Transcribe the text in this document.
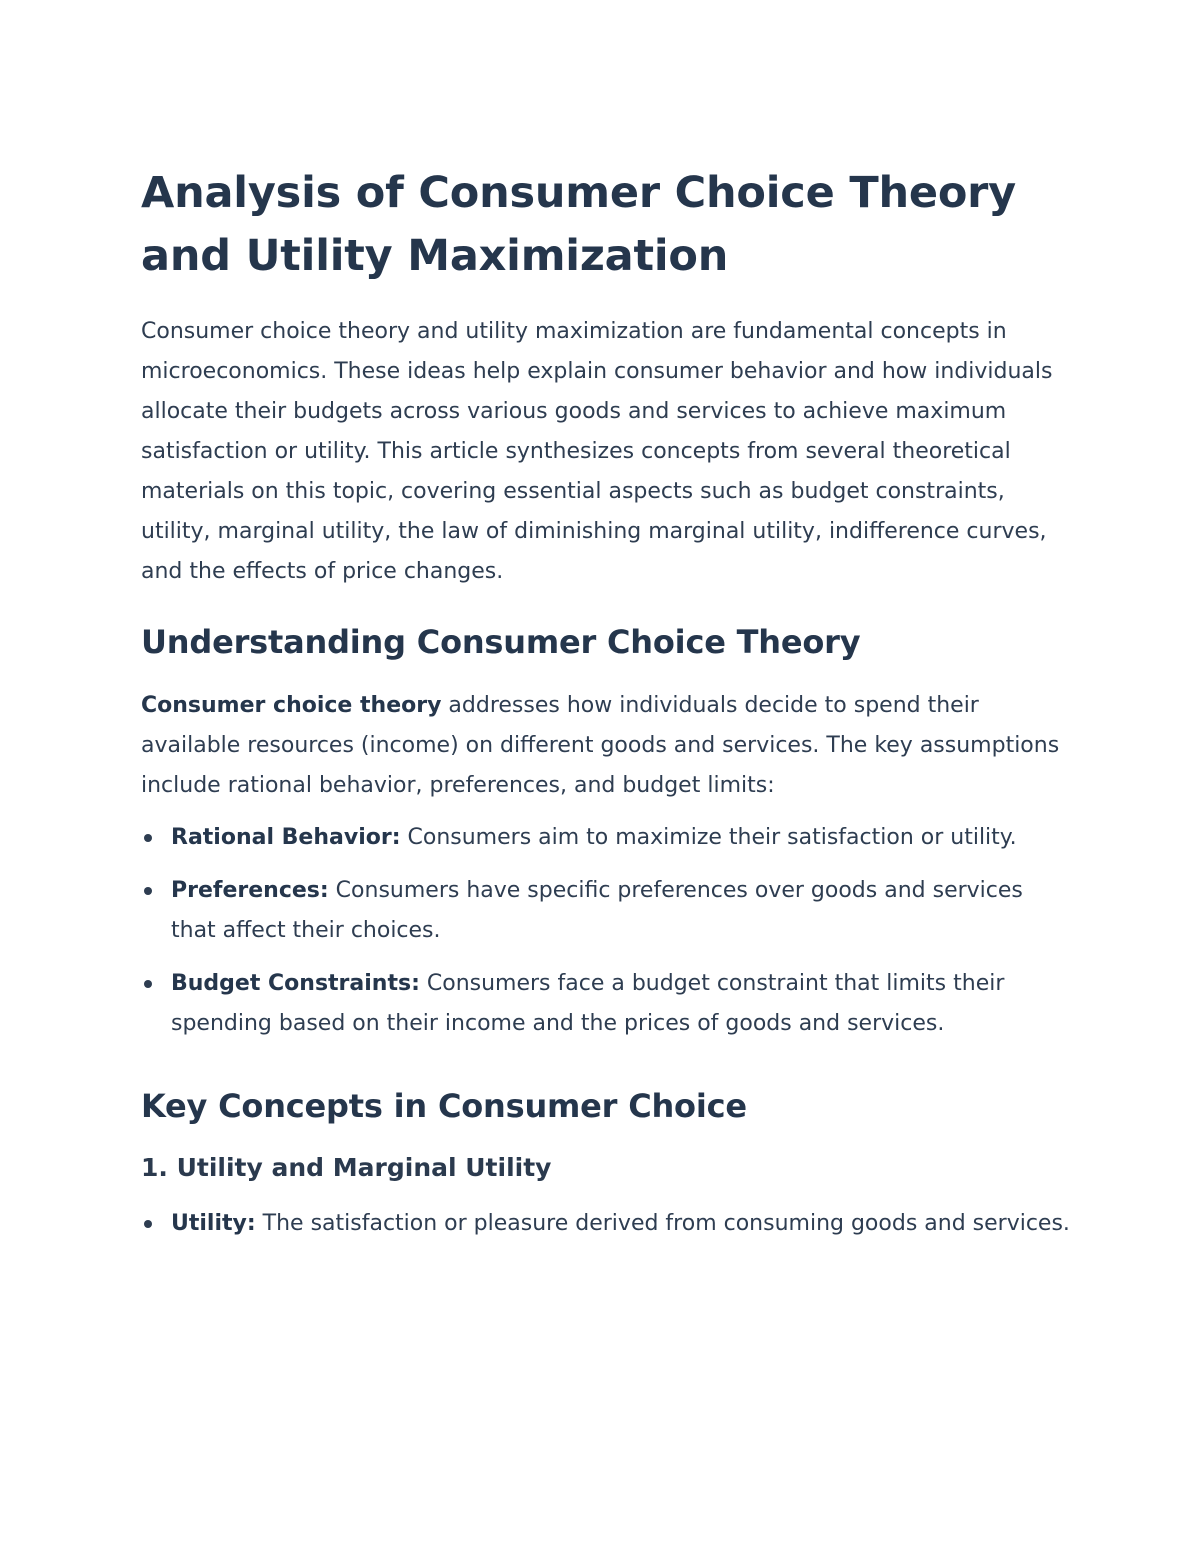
Analysis of Consumer Choice Theory
and Utility Maximization

Consumer choice theory and utility maximization are fundamental concepts in microeconomics. These ideas help explain consumer behavior and how individuals allocate their budgets across various goods and services to achieve maximum satisfaction or utility. This article synthesizes concepts from several theoretical materials on this topic, covering essential aspects such as budget constraints, utility, marginal utility, the law of diminishing marginal utility, indifference curves, and the effects of price changes.

Understanding Consumer Choice Theory

Consumer choice theory addresses how individuals decide to spend their available resources (income) on different goods and services. The key assumptions include rational behavior, preferences, and budget limits:

Rational Behavior: Consumers aim to maximize their satisfaction or utility.
Preferences: Consumers have specific preferences over goods and services that affect their choices.
Budget Constraints: Consumers face a budget constraint that limits their spending based on their income and the prices of goods and services.
Key Concepts in Consumer Choice
1. Utility and Marginal Utility
Utility: The satisfaction or pleasure derived from consuming goods and services.
